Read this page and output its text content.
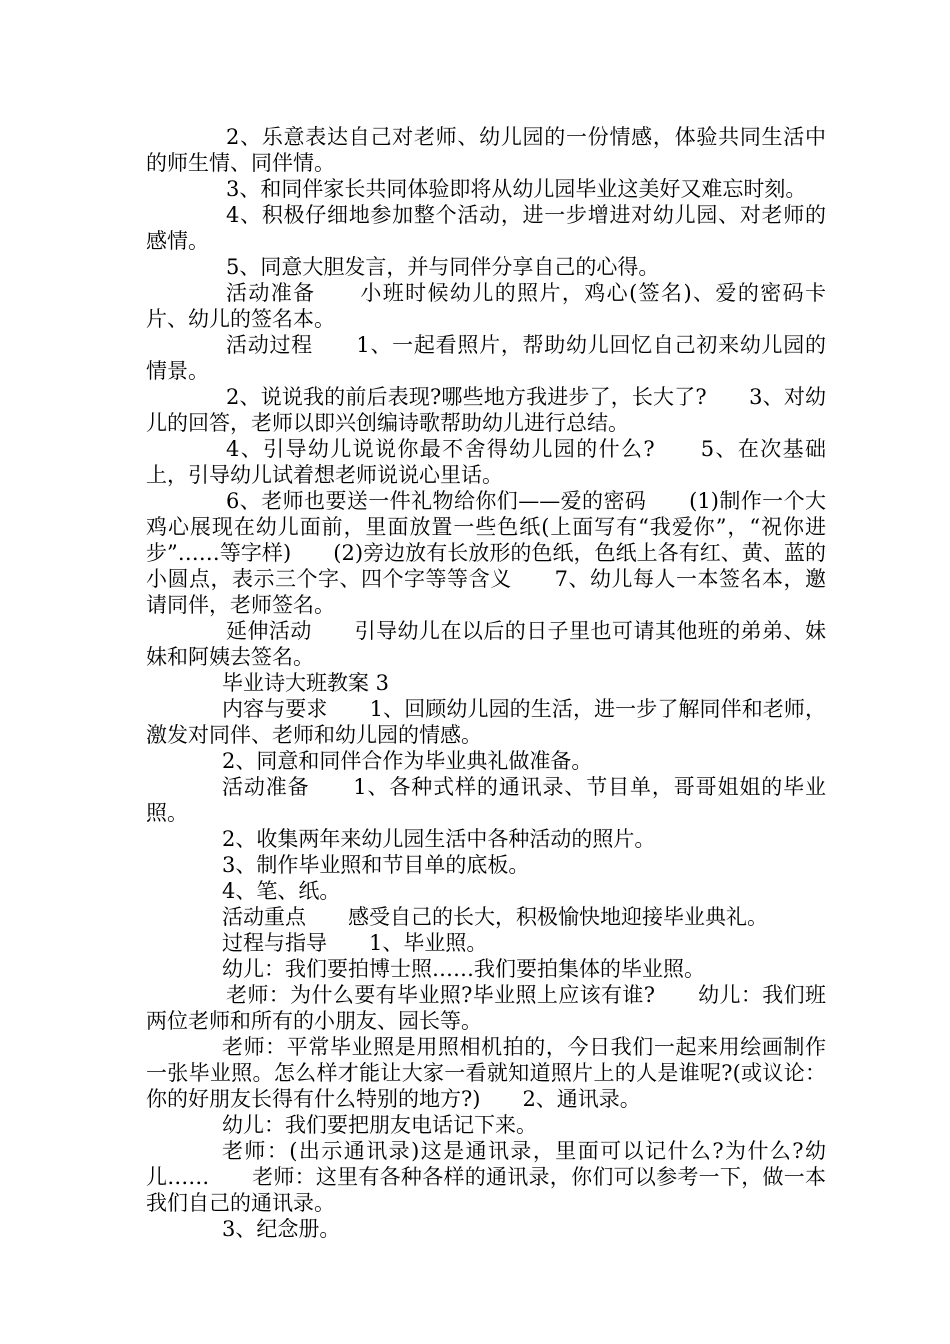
2、乐意表达自己对老师、幼儿园的一份情感，体验共同生活中的师生情、同伴情。

3、和同伴家长共同体验即将从幼儿园毕业这美好又难忘时刻。

4、积极仔细地参加整个活动，进一步增进对幼儿园、对老师的感情。

5、同意大胆发言，并与同伴分享自己的心得。

活动准备　　小班时候幼儿的照片，鸡心(签名)、爱的密码卡片、幼儿的签名本。

活动过程　　1、一起看照片，帮助幼儿回忆自己初来幼儿园的情景。

2、说说我的前后表现?哪些地方我进步了，长大了?　　3、对幼儿的回答，老师以即兴创编诗歌帮助幼儿进行总结。

4、引导幼儿说说你最不舍得幼儿园的什么?　　5、在次基础上，引导幼儿试着想老师说说心里话。

6、老师也要送一件礼物给你们——爱的密码　　(1)制作一个大鸡心展现在幼儿面前，里面放置一些色纸(上面写有“我爱你”，“祝你进步”……等字样)　　(2)旁边放有长放形的色纸，色纸上各有红、黄、蓝的小圆点，表示三个字、四个字等等含义　　7、幼儿每人一本签名本，邀请同伴，老师签名。

延伸活动　　引导幼儿在以后的日子里也可请其他班的弟弟、妹妹和阿姨去签名。

毕业诗大班教案 3

内容与要求　　1、回顾幼儿园的生活，进一步了解同伴和老师，激发对同伴、老师和幼儿园的情感。

2、同意和同伴合作为毕业典礼做准备。

活动准备　　1、各种式样的通讯录、节目单，哥哥姐姐的毕业照。

2、收集两年来幼儿园生活中各种活动的照片。

3、制作毕业照和节目单的底板。

4、笔、纸。

活动重点　　感受自己的长大，积极愉快地迎接毕业典礼。

过程与指导　　1、毕业照。

幼儿：我们要拍博士照……我们要拍集体的毕业照。

老师：为什么要有毕业照?毕业照上应该有谁?　　幼儿：我们班两位老师和所有的小朋友、园长等。

老师：平常毕业照是用照相机拍的，今日我们一起来用绘画制作一张毕业照。怎么样才能让大家一看就知道照片上的人是谁呢?(或议论：你的好朋友长得有什么特别的地方?)　　2、通讯录。

幼儿：我们要把朋友电话记下来。

老师：(出示通讯录)这是通讯录，里面可以记什么?为什么?幼儿……　　老师：这里有各种各样的通讯录，你们可以参考一下，做一本我们自己的通讯录。

3、纪念册。
